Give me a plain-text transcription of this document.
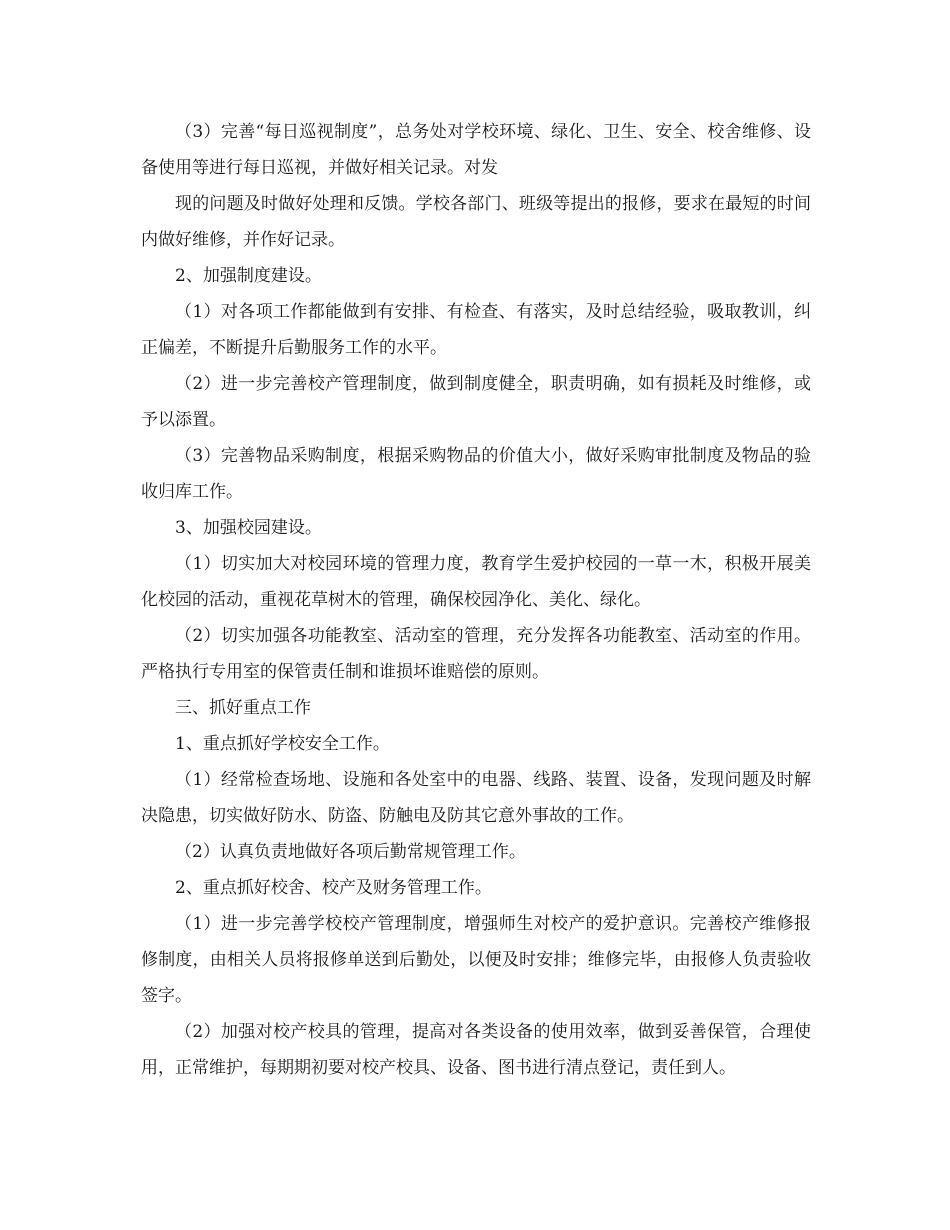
（3）完善“每日巡视制度”，总务处对学校环境、绿化、卫生、安全、校舍维修、设备使用等进行每日巡视，并做好相关记录。对发

现的问题及时做好处理和反馈。学校各部门、班级等提出的报修，要求在最短的时间内做好维修，并作好记录。

2、加强制度建设。

（1）对各项工作都能做到有安排、有检查、有落实，及时总结经验，吸取教训，纠正偏差，不断提升后勤服务工作的水平。

（2）进一步完善校产管理制度，做到制度健全，职责明确，如有损耗及时维修，或予以添置。

（3）完善物品采购制度，根据采购物品的价值大小，做好采购审批制度及物品的验收归库工作。

3、加强校园建设。

（1）切实加大对校园环境的管理力度，教育学生爱护校园的一草一木，积极开展美化校园的活动，重视花草树木的管理，确保校园净化、美化、绿化。

（2）切实加强各功能教室、活动室的管理，充分发挥各功能教室、活动室的作用。严格执行专用室的保管责任制和谁损坏谁赔偿的原则。

三、抓好重点工作

1、重点抓好学校安全工作。

（1）经常检查场地、设施和各处室中的电器、线路、装置、设备，发现问题及时解决隐患，切实做好防水、防盗、防触电及防其它意外事故的工作。

（2）认真负责地做好各项后勤常规管理工作。

2、重点抓好校舍、校产及财务管理工作。

（1）进一步完善学校校产管理制度，增强师生对校产的爱护意识。完善校产维修报修制度，由相关人员将报修单送到后勤处，以便及时安排；维修完毕，由报修人负责验收签字。

（2）加强对校产校具的管理，提高对各类设备的使用效率，做到妥善保管，合理使用，正常维护，每期期初要对校产校具、设备、图书进行清点登记，责任到人。
